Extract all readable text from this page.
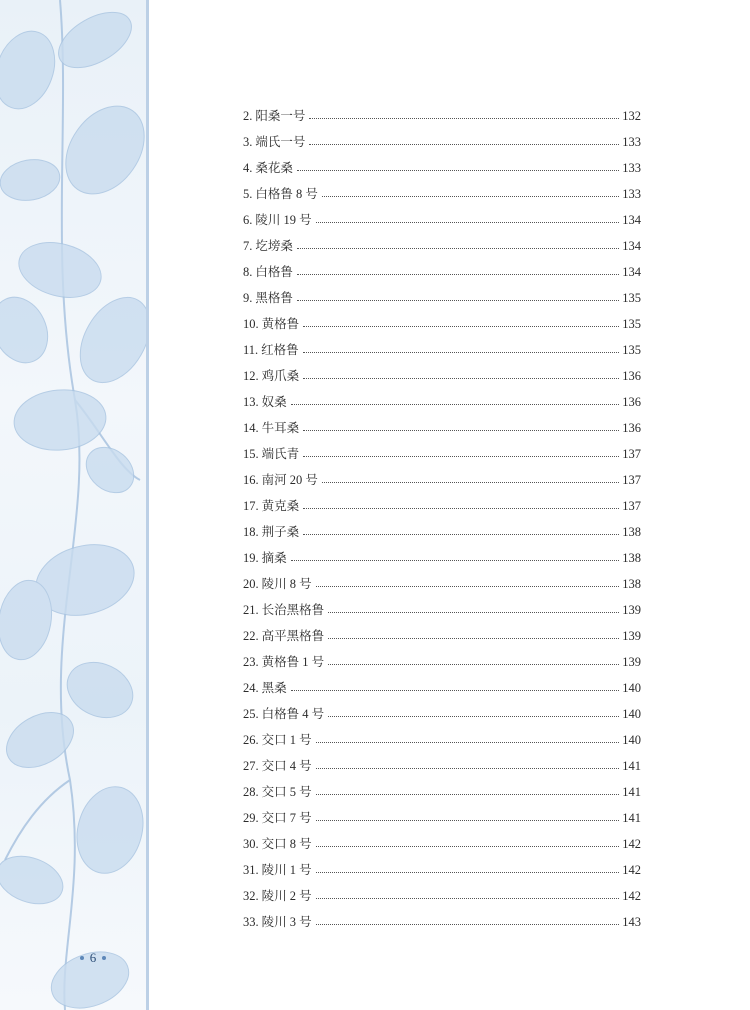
6
2. 阳桑一号	132
3. 端氏一号	133
4. 桑花桑	133
5. 白格鲁 8 号	133
6. 陵川 19 号	134
7. 圪塝桑	134
8. 白格鲁	134
9. 黑格鲁	135
10. 黄格鲁	135
11. 红格鲁	135
12. 鸡爪桑	136
13. 奴桑	136
14. 牛耳桑	136
15. 端氏青	137
16. 南河 20 号	137
17. 黄克桑	137
18. 荆子桑	138
19. 摘桑	138
20. 陵川 8 号	138
21. 长治黑格鲁	139
22. 高平黑格鲁	139
23. 黄格鲁 1 号	139
24. 黑桑	140
25. 白格鲁 4 号	140
26. 交口 1 号	140
27. 交口 4 号	141
28. 交口 5 号	141
29. 交口 7 号	141
30. 交口 8 号	142
31. 陵川 1 号	142
32. 陵川 2 号	142
33. 陵川 3 号	143
